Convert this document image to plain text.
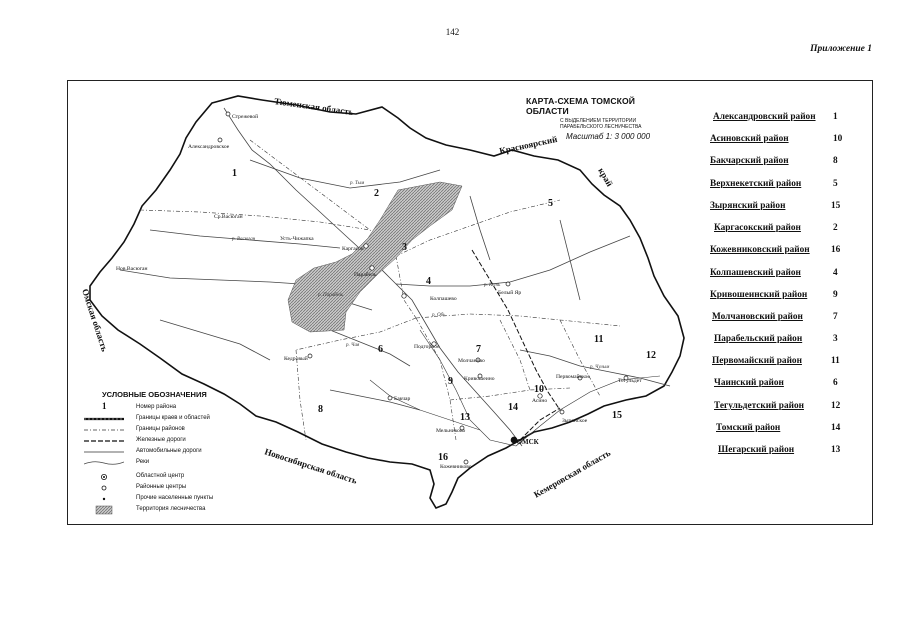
142
Приложение 1
Тюменская область
Красноярский
край
Омская область
Новосибирская область	Кемеровская область
Стрежевой
Александровское
Каргасок
Парабель
Колпашево
Белый Яр
Подгорное
Молчаново
Кривошеино
Асино
Первомайское
Тегульдет
Зырянское
Бакчар
Кедровый
Мельниково
Кожевниково
ТОМСК
Усть-Чижапка
Ср.Васюган
Нов.Васюган
р. Тым
р. Кеть
р. Васюган
р. Обь
р. Чая
р. Чулым
р. Парабель
1
2
3
4
5
6	7
8
9
10
11
12
13
14
15
16
КАРТА-СХЕМА ТОМСКОЙ ОБЛАСТИ
С ВЫДЕЛЕНИЕМ ТЕРРИТОРИИ
ПАРАБЕЛЬСКОГО ЛЕСНИЧЕСТВА
Масштаб 1: 3 000 000
Александровский район 1
Асиновский район	10
Бакчарский район	8
Верхнекетский район	5
Зырянский район	15
Каргасокский район	2
Кожевниковский район 16
Колпашевский район	4
Кривошеинский район	9
Молчановский район	7
Парабельский район	3
Первомайский район	11
Чаинский район	6
Тегульдетский район	12
Томский район	14
Шегарский район	13
УСЛОВНЫЕ ОБОЗНАЧЕНИЯ
1	Номер района
Границы краев и областей
Границы районов
Железные дороги
Автомобильные дороги
Реки
Областной центр
Районные центры
Прочие населенные пункты
Территория лесничества
